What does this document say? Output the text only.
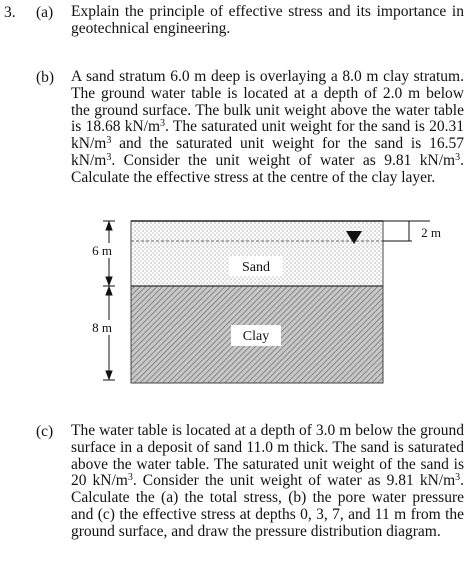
3. (a) Explain the principle of effective stress and its importance in
geotechnical engineering.
(b) A sand stratum 6.0 m deep is overlaying a 8.0 m clay stratum.
The ground water table is located at a depth of 2.0 m below
the ground surface. The bulk unit weight above the water table
is 18.68 $kN/m^3$. The saturated unit weight for the sand is 20.31
$kN/m^3$ and the saturated unit weight for the sand is 16.57
$kN/m^3$. Consider the unit weight of water as 9.81 $kN/m^3$.
Calculate the effective stress at the centre of the clay layer.
Sand
Clay
6 m
8 m
2 m
(c) The water table is located at a depth of 3.0 m below the ground
surface in a deposit of sand 11.0 m thick. The sand is saturated
above the water table. The saturated unit weight of the sand is
20 $kN/m^3$. Consider the unit weight of water as 9.81 $kN/m^3$.
Calculate the (a) the total stress, (b) the pore water pressure
and (c) the effective stress at depths 0, 3, 7, and 11 m from the
ground surface, and draw the pressure distribution diagram.
